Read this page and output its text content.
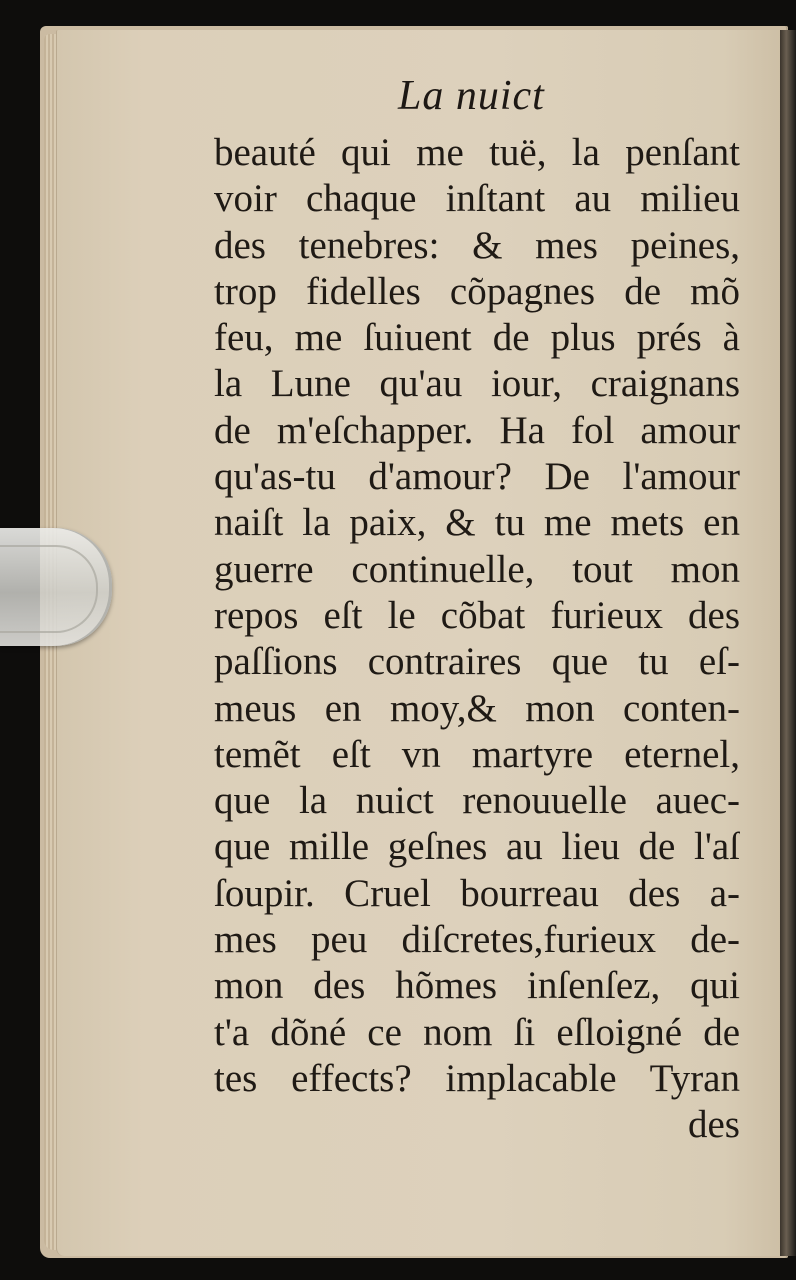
La nuict
beauté qui me tuë, la penſant
voir chaque inſtant au milieu
des tenebres: & mes peines,
trop fidelles cõpagnes de mõ
feu, me ſuiuent de plus prés à
la Lune qu'au iour, craignans
de m'eſchapper. Ha fol amour
qu'as-tu d'amour? De l'amour
naiſt la paix, & tu me mets en
guerre continuelle, tout mon
repos eſt le cõbat furieux des
paſſions contraires que tu eſ-
meus en moy,& mon conten-
temẽt eſt vn martyre eternel,
que la nuict renouuelle auec-
que mille geſnes au lieu de l'aſ
ſoupir. Cruel bourreau des a-
mes peu diſcretes,furieux de-
mon des hõmes inſenſez, qui
t'a dõné ce nom ſi eſloigné de
tes effects? implacable Tyran
des
